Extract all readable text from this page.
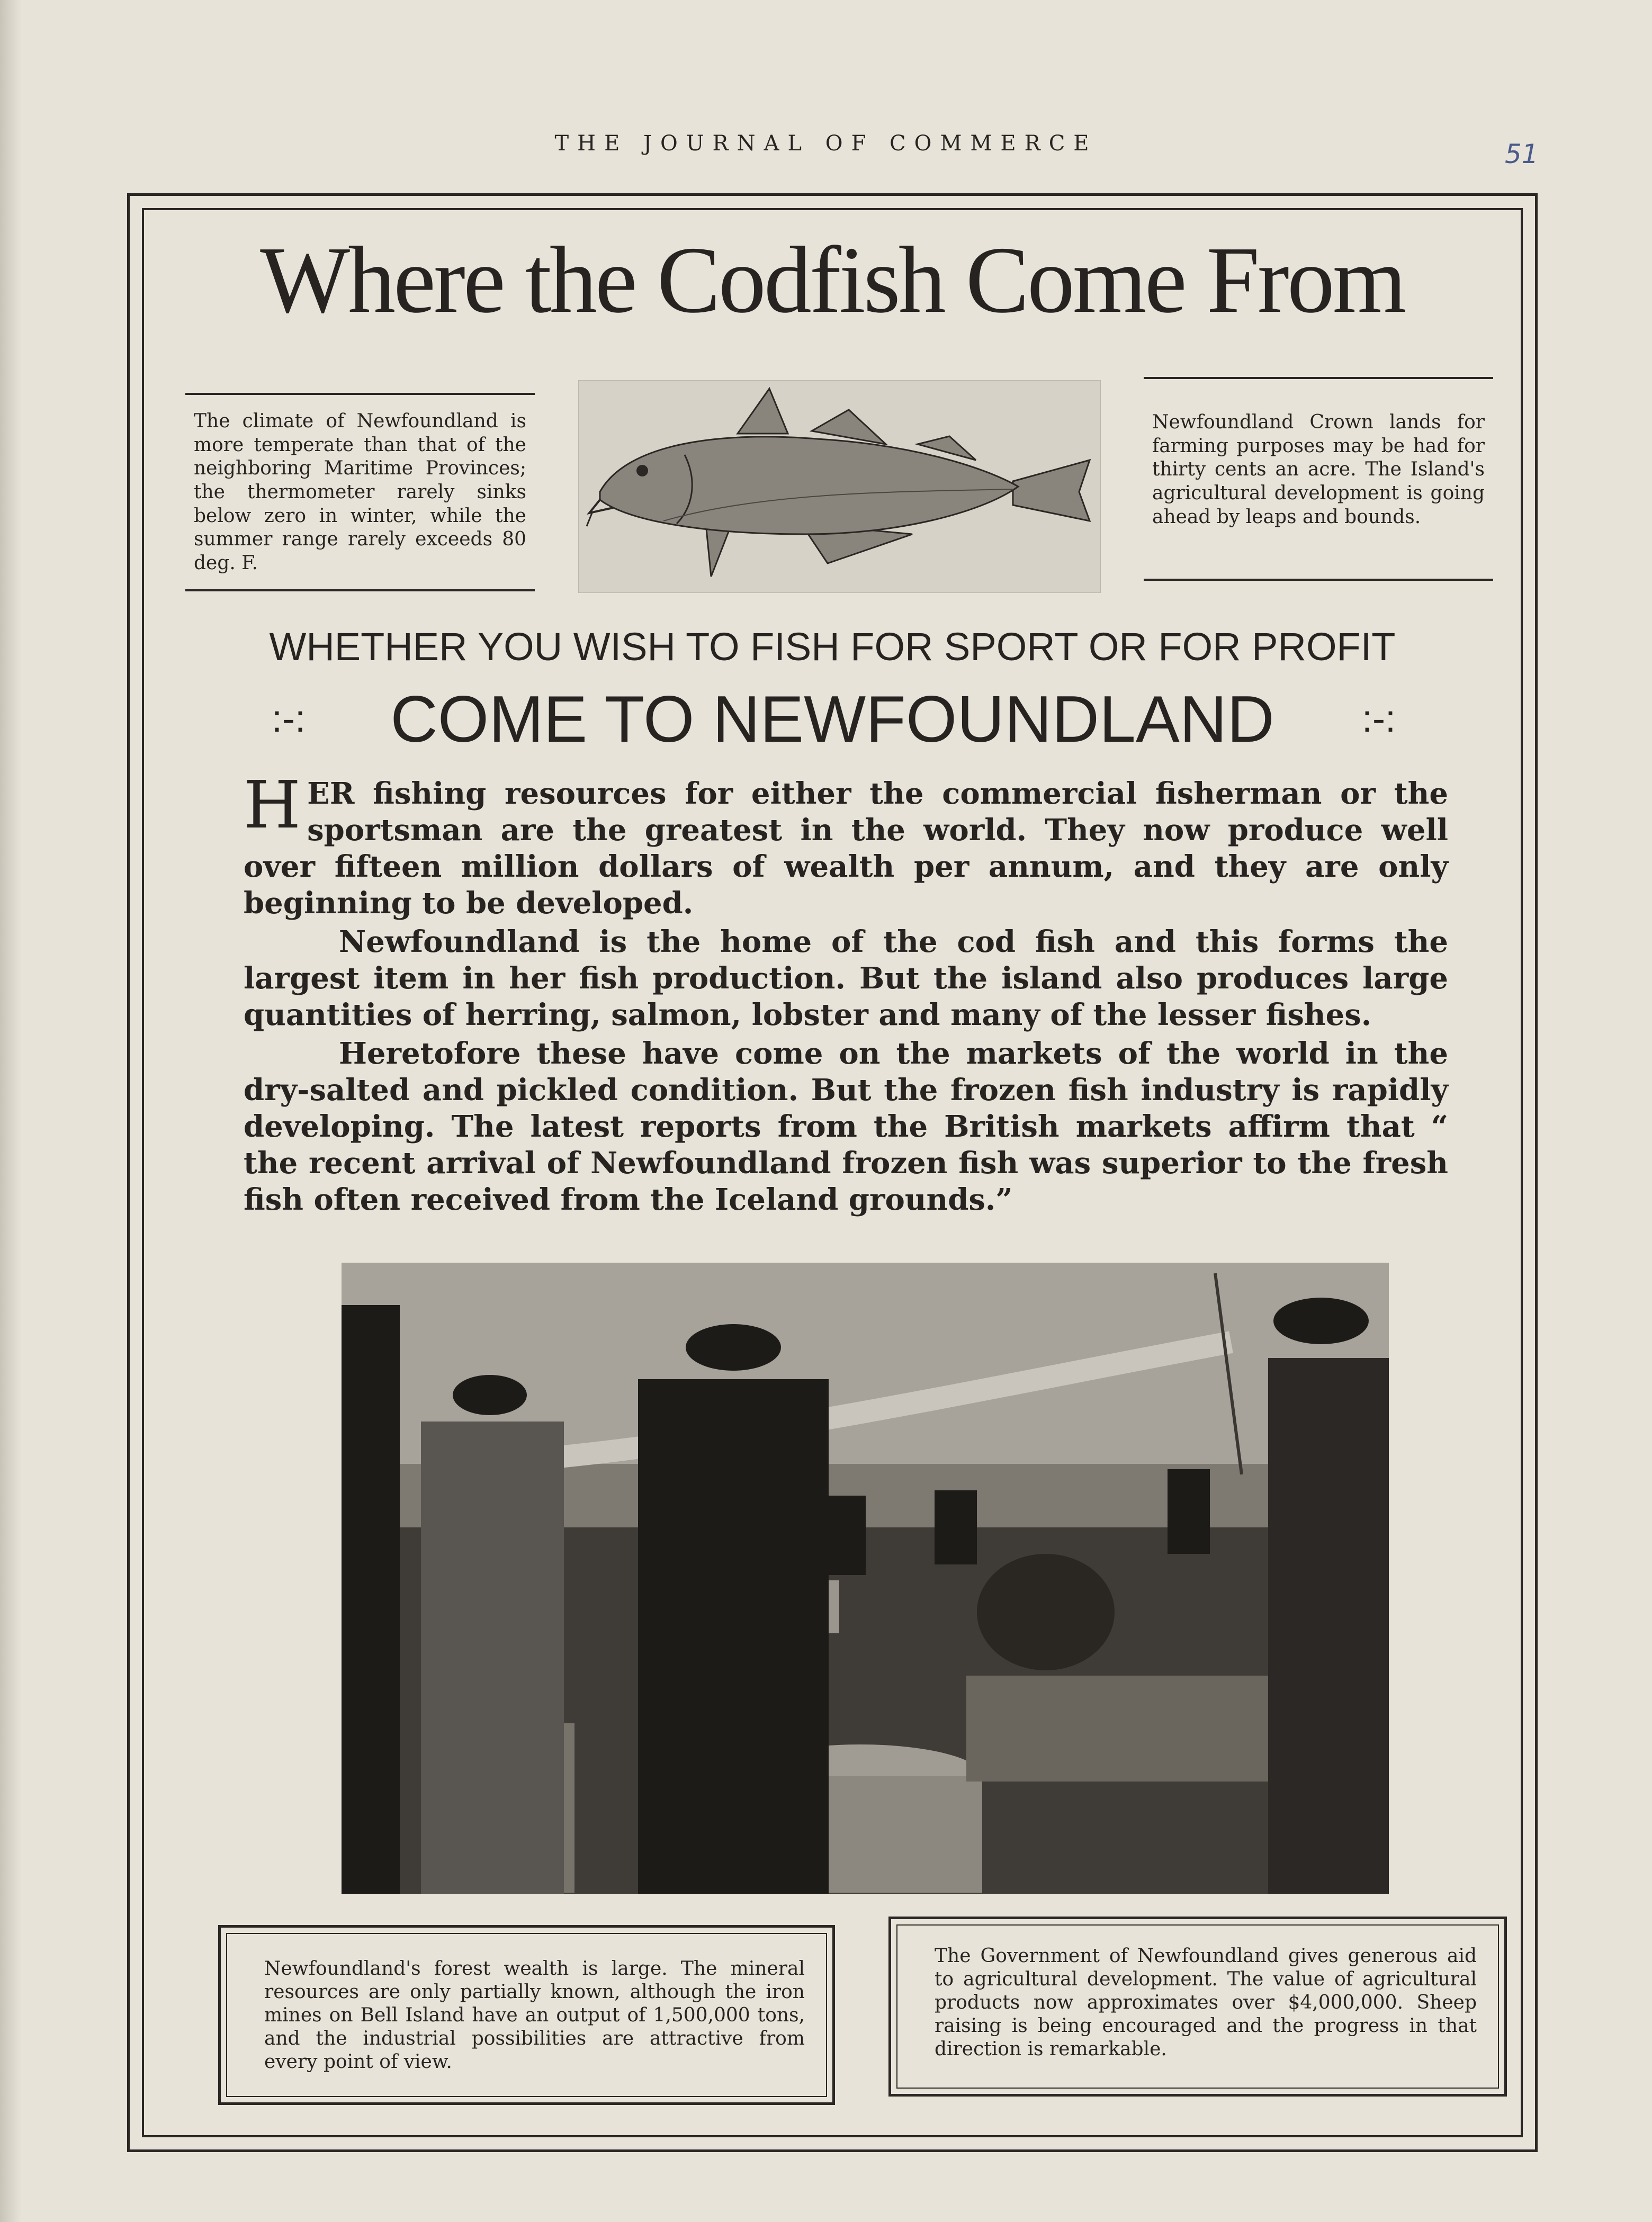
THE JOURNAL OF COMMERCE	51
Where the Codfish Come From
The climate of Newfoundland is more temperate than that of the neighboring Maritime Provinces; the thermometer rarely sinks below zero in winter, while the summer range rarely exceeds 80 deg. F.
Newfoundland Crown lands for farming purposes may be had for thirty cents an acre. The Island's agricultural development is going ahead by leaps and bounds.
WHETHER YOU WISH TO FISH FOR SPORT OR FOR PROFIT
:-: COME TO NEWFOUNDLAND :-:

HER fishing resources for either the commercial fisherman or the sportsman are the greatest in the world. They now produce well over fifteen million dollars of wealth per annum, and they are only beginning to be developed.

Newfoundland is the home of the cod fish and this forms the largest item in her fish production. But the island also produces large quantities of herring, salmon, lobster and many of the lesser fishes.

Heretofore these have come on the markets of the world in the dry-salted and pickled condition. But the frozen fish industry is rapidly developing. The latest reports from the British markets affirm that “ the recent arrival of Newfoundland frozen fish was superior to the fresh fish often received from the Iceland grounds.”

Newfoundland's forest wealth is large. The mineral resources are only partially known, although the iron mines on Bell Island have an output of 1,500,000 tons, and the industrial possibilities are attractive from every point of view.
The Government of Newfoundland gives generous aid to agricultural development. The value of agricultural products now approximates over $4,000,000. Sheep raising is being encouraged and the progress in that direction is remarkable.
